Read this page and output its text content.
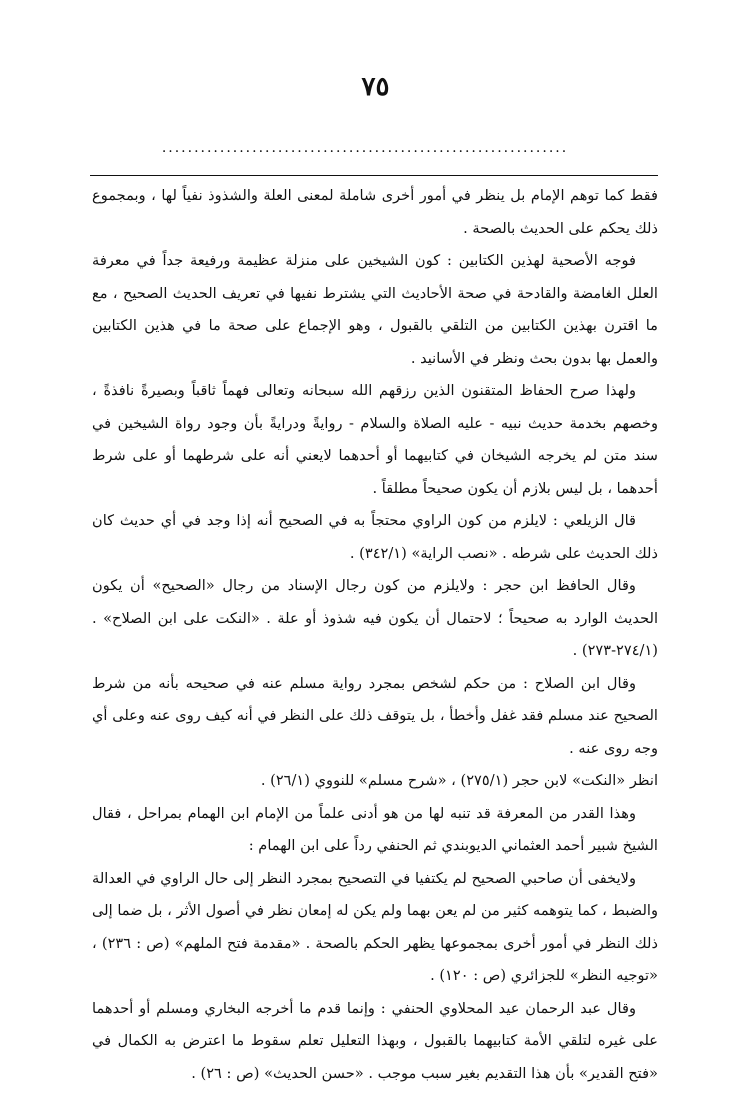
٧٥
...............................................................

فقط كما توهم الإمام بل ينظر في أمور أخرى شاملة لمعنى العلة والشذوذ نفياً لها ، وبمجموع ذلك يحكم على الحديث بالصحة .

فوجه الأصحية لهذين الكتابين : كون الشيخين على منزلة عظيمة ورفيعة جداً في معرفة العلل الغامضة والقادحة في صحة الأحاديث التي يشترط نفيها في تعريف الحديث الصحيح ، مع ما اقترن بهذين الكتابين من التلقي بالقبول ، وهو الإجماع على صحة ما في هذين الكتابين والعمل بها بدون بحث ونظر في الأسانيد .

ولهذا صرح الحفاظ المتقنون الذين رزقهم الله سبحانه وتعالى فهماً ثاقباً وبصيرةً نافذةً ، وخصهم بخدمة حديث نبيه - عليه الصلاة والسلام - روايةً ودرايةً بأن وجود رواة الشيخين في سند متن لم يخرجه الشيخان في كتابيهما أو أحدهما لايعني أنه على شرطهما أو على شرط أحدهما ، بل ليس بلازم أن يكون صحيحاً مطلقاً .

قال الزيلعي : لايلزم من كون الراوي محتجاً به في الصحيح أنه إذا وجد في أي حديث كان ذلك الحديث على شرطه . «نصب الراية» (٣٤٢/١) .

وقال الحافظ ابن حجر : ولايلزم من كون رجال الإسناد من رجال «الصحيح» أن يكون الحديث الوارد به صحيحاً ؛ لاحتمال أن يكون فيه شذوذ أو علة . «النكت على ابن الصلاح» . (٢٧٤/١-٢٧٣) .

وقال ابن الصلاح : من حكم لشخص بمجرد رواية مسلم عنه في صحيحه بأنه من شرط الصحيح عند مسلم فقد غفل وأخطأ ، بل يتوقف ذلك على النظر في أنه كيف روى عنه وعلى أي وجه روى عنه .

انظر «النكت» لابن حجر (٢٧٥/١) ، «شرح مسلم» للنووي (٢٦/١) .

وهذا القدر من المعرفة قد تنبه لها من هو أدنى علماً من الإمام ابن الهمام بمراحل ، فقال الشيخ شبير أحمد العثماني الديوبندي ثم الحنفي رداً على ابن الهمام :

ولايخفى أن صاحبي الصحيح لم يكتفيا في التصحيح بمجرد النظر إلى حال الراوي في العدالة والضبط ، كما يتوهمه كثير من لم يعن بهما ولم يكن له إمعان نظر في أصول الأثر ، بل ضما إلى ذلك النظر في أمور أخرى بمجموعها يظهر الحكم بالصحة . «مقدمة فتح الملهم» (ص : ٢٣٦) ، «توجيه النظر» للجزائري (ص : ١٢٠) .

وقال عبد الرحمان عيد المحلاوي الحنفي : وإنما قدم ما أخرجه البخاري ومسلم أو أحدهما على غيره لتلقي الأمة كتابيهما بالقبول ، وبهذا التعليل تعلم سقوط ما اعترض به الكمال في «فتح القدير» بأن هذا التقديم بغير سبب موجب . «حسن الحديث» (ص : ٢٦) .
